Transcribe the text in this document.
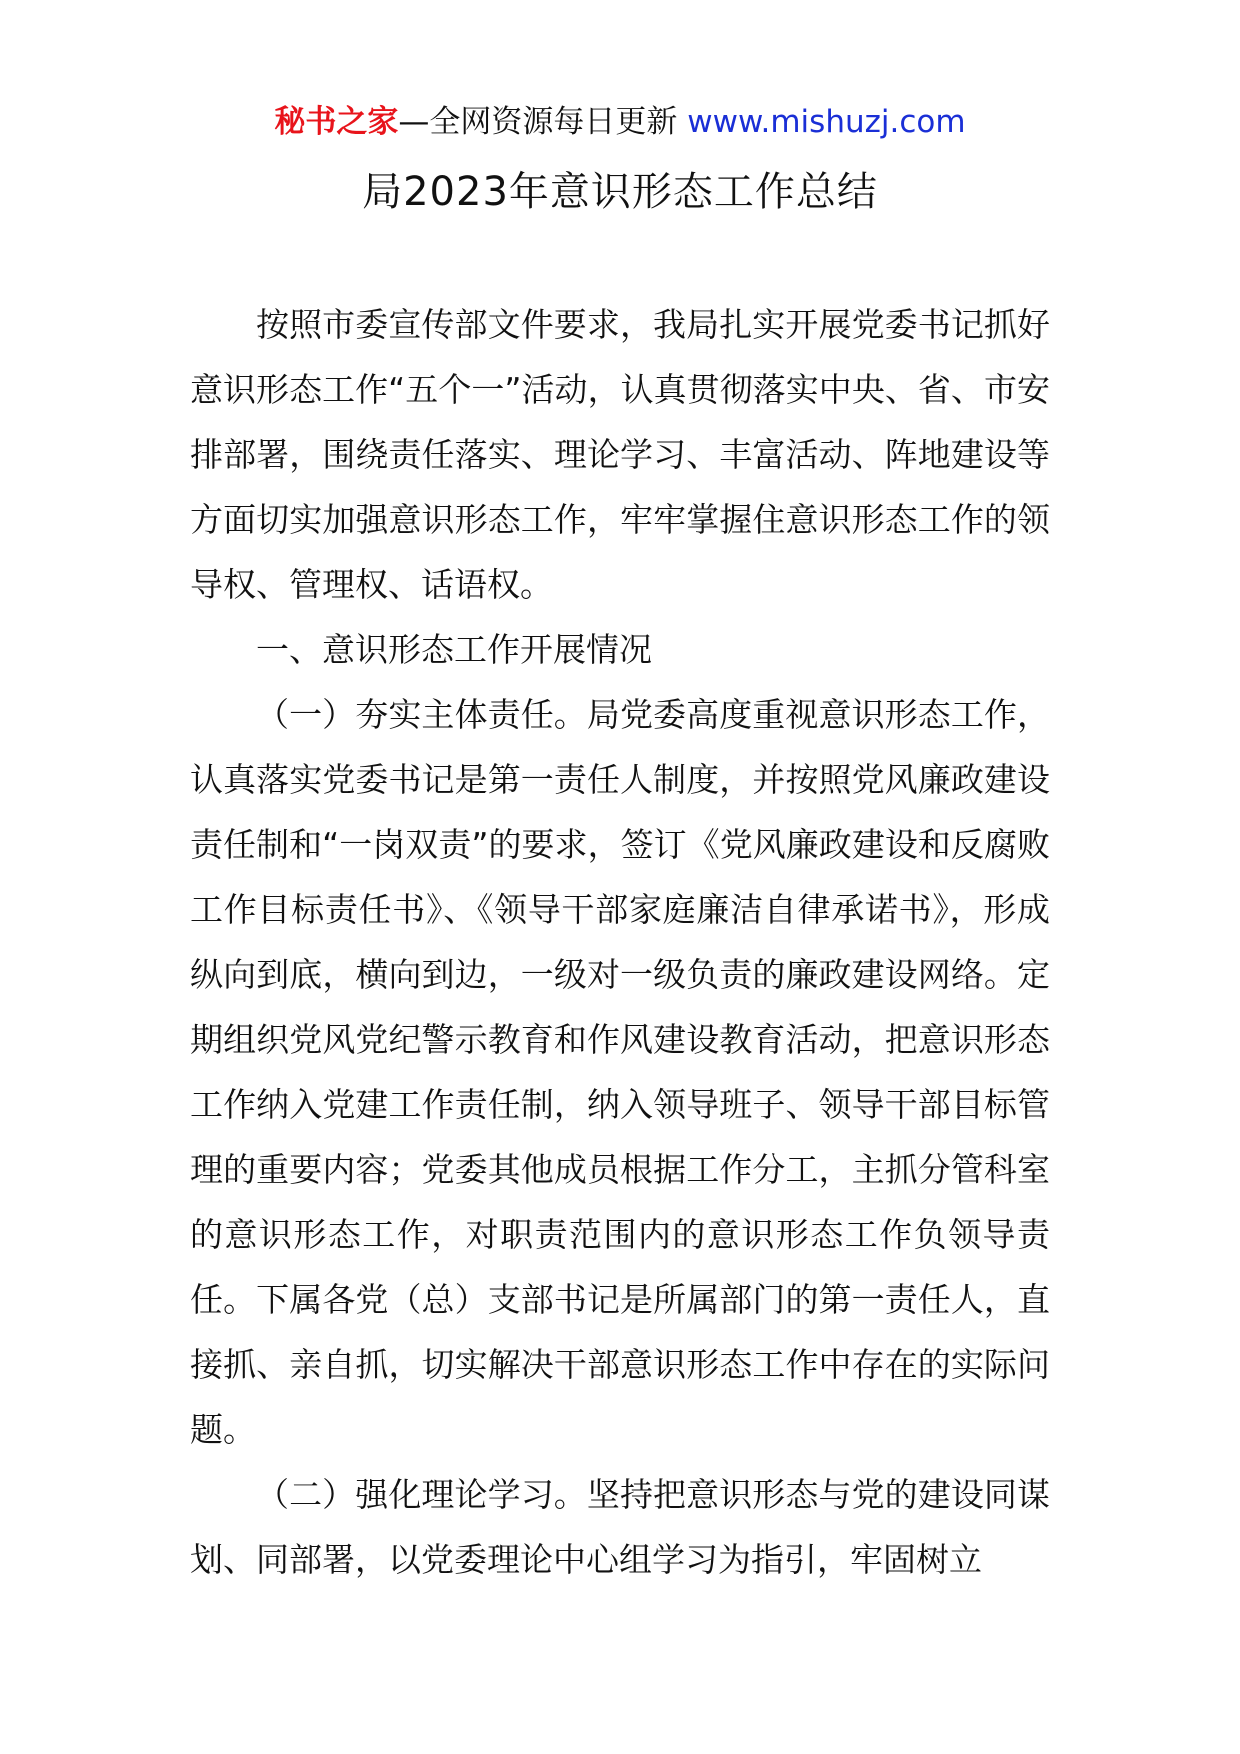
秘书之家—全网资源每日更新 www.mishuzj.com
局2023年意识形态工作总结

按照市委宣传部文件要求，我局扎实开展党委书记抓好意识形态工作“五个一”活动，认真贯彻落实中央、省、市安排部署，围绕责任落实、理论学习、丰富活动、阵地建设等方面切实加强意识形态工作，牢牢掌握住意识形态工作的领导权、管理权、话语权。

一、意识形态工作开展情况

（一）夯实主体责任。局党委高度重视意识形态工作，认真落实党委书记是第一责任人制度，并按照党风廉政建设责任制和“一岗双责”的要求，签订《党风廉政建设和反腐败工作目标责任书》、《领导干部家庭廉洁自律承诺书》，形成纵向到底，横向到边，一级对一级负责的廉政建设网络。定期组织党风党纪警示教育和作风建设教育活动，把意识形态工作纳入党建工作责任制，纳入领导班子、领导干部目标管理的重要内容；党委其他成员根据工作分工，主抓分管科室的意识形态工作，对职责范围内的意识形态工作负领导责任。下属各党（总）支部书记是所属部门的第一责任人，直接抓、亲自抓，切实解决干部意识形态工作中存在的实际问题。

（二）强化理论学习。坚持把意识形态与党的建设同谋划、同部署，以党委理论中心组学习为指引，牢固树立
